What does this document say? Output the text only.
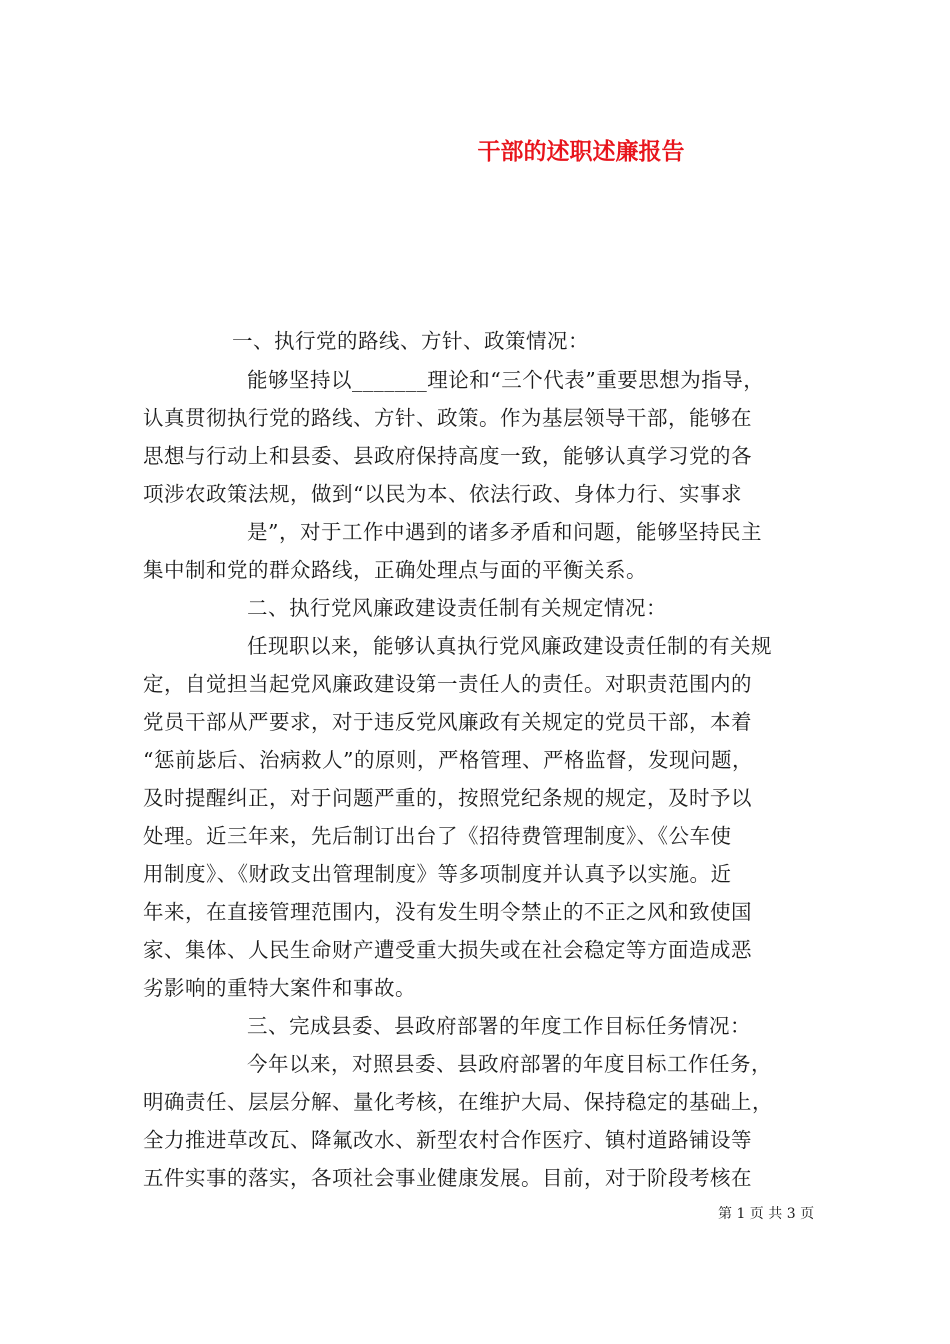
干部的述职述廉报告
一、执行党的路线、方针、政策情况：
能够坚持以_______理论和“三个代表”重要思想为指导，
认真贯彻执行党的路线、方针、政策。作为基层领导干部，能够在
思想与行动上和县委、县政府保持高度一致，能够认真学习党的各
项涉农政策法规，做到“以民为本、依法行政、身体力行、实事求
是”，对于工作中遇到的诸多矛盾和问题，能够坚持民主
集中制和党的群众路线，正确处理点与面的平衡关系。
二、执行党风廉政建设责任制有关规定情况：
任现职以来，能够认真执行党风廉政建设责任制的有关规
定，自觉担当起党风廉政建设第一责任人的责任。对职责范围内的
党员干部从严要求，对于违反党风廉政有关规定的党员干部，本着
“惩前毖后、治病救人”的原则，严格管理、严格监督，发现问题，
及时提醒纠正，对于问题严重的，按照党纪条规的规定，及时予以
处理。近三年来，先后制订出台了《招待费管理制度》、《公车使
用制度》、《财政支出管理制度》等多项制度并认真予以实施。近
年来，在直接管理范围内，没有发生明令禁止的不正之风和致使国
家、集体、人民生命财产遭受重大损失或在社会稳定等方面造成恶
劣影响的重特大案件和事故。
三、完成县委、县政府部署的年度工作目标任务情况：
今年以来，对照县委、县政府部署的年度目标工作任务，
明确责任、层层分解、量化考核，在维护大局、保持稳定的基础上，
全力推进草改瓦、降氟改水、新型农村合作医疗、镇村道路铺设等
五件实事的落实，各项社会事业健康发展。目前，对于阶段考核在
第 1 页 共 3 页
